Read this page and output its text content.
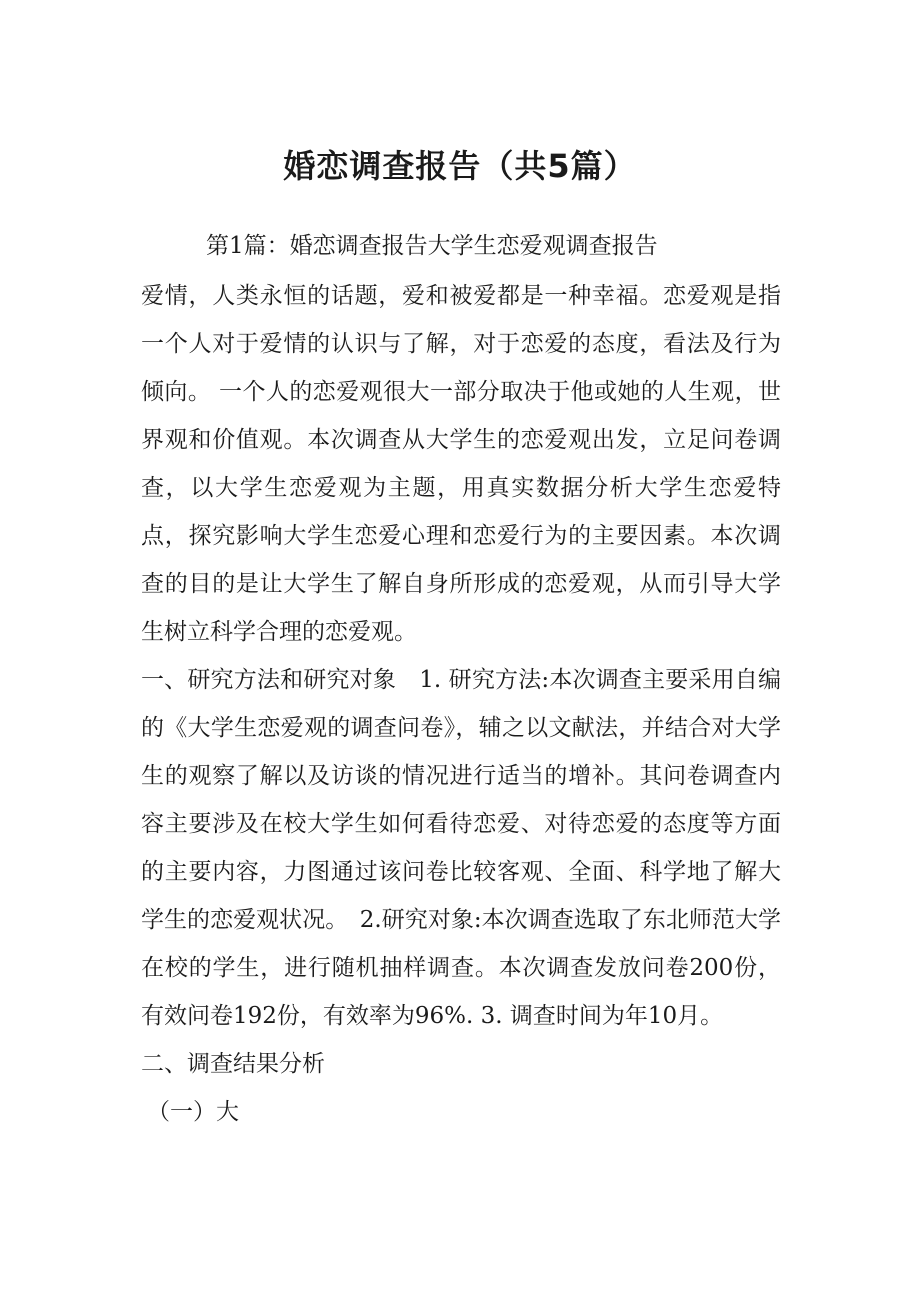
婚恋调查报告（共5篇）
第1篇：婚恋调查报告大学生恋爱观调查报告

爱情，人类永恒的话题，爱和被爱都是一种幸福。恋爱观是指一个人对于爱情的认识与了解，对于恋爱的态度，看法及行为倾向。 一个人的恋爱观很大一部分取决于他或她的人生观，世界观和价值观。本次调查从大学生的恋爱观出发，立足问卷调查，以大学生恋爱观为主题，用真实数据分析大学生恋爱特点，探究影响大学生恋爱心理和恋爱行为的主要因素。本次调查的目的是让大学生了解自身所形成的恋爱观，从而引导大学生树立科学合理的恋爱观。

一、研究方法和研究对象　1. 研究方法:本次调查主要采用自编的《大学生恋爱观的调查问卷》，辅之以文献法，并结合对大学生的观察了解以及访谈的情况进行适当的增补。其问卷调查内容主要涉及在校大学生如何看待恋爱、对待恋爱的态度等方面的主要内容，力图通过该问卷比较客观、全面、科学地了解大学生的恋爱观状况。　2.研究对象:本次调查选取了东北师范大学在校的学生，进行随机抽样调查。本次调查发放问卷200份，有效问卷192份，有效率为96%. 3. 调查时间为年10月。

二、调查结果分析

（一）大
